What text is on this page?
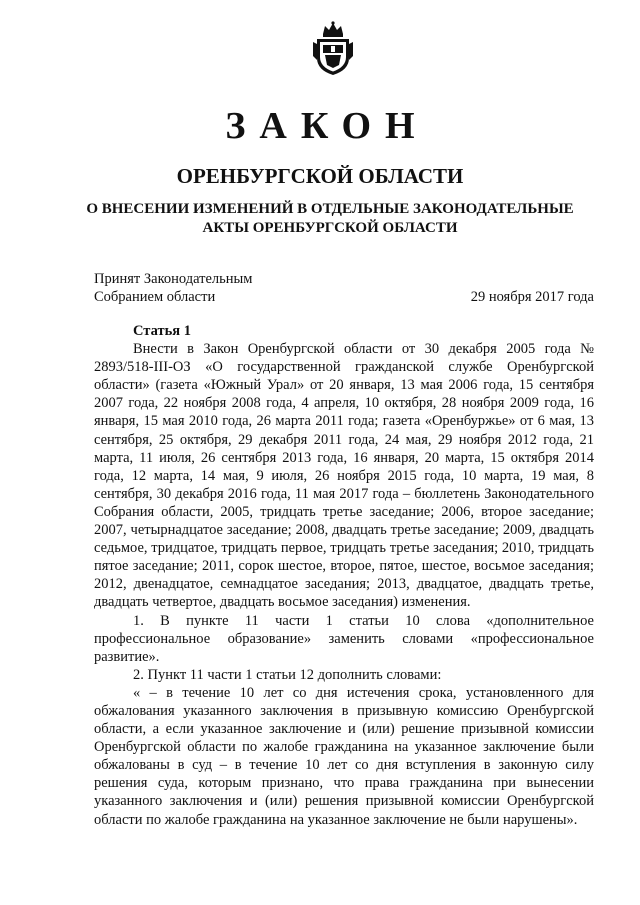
ЗАКОН
ОРЕНБУРГСКОЙ ОБЛАСТИ
О ВНЕСЕНИИ ИЗМЕНЕНИЙ В ОТДЕЛЬНЫЕ ЗАКОНОДАТЕЛЬНЫЕ
АКТЫ ОРЕНБУРГСКОЙ ОБЛАСТИ
Принят Законодательным
Собранием области	29 ноября 2017 года

Статья 1

Внести в Закон Оренбургской области от 30 декабря 2005 года № 2893/518-III-ОЗ «О государственной гражданской службе Оренбургской области» (газета «Южный Урал» от 20 января, 13 мая 2006 года, 15 сентября 2007 года, 22 ноября 2008 года, 4 апреля, 10 октября, 28 ноября 2009 года, 16 января, 15 мая 2010 года, 26 марта 2011 года; газета «Оренбуржье» от 6 мая, 13 сентября, 25 октября, 29 декабря 2011 года, 24 мая, 29 ноября 2012 года, 21 марта, 11 июля, 26 сентября 2013 года, 16 января, 20 марта, 15 октября 2014 года, 12 марта, 14 мая, 9 июля, 26 ноября 2015 года, 10 марта, 19 мая, 8 сентября, 30 декабря 2016 года, 11 мая 2017 года – бюллетень Законодательного Собрания области, 2005, тридцать третье заседание; 2006, второе заседание; 2007, четырнадцатое заседание; 2008, двадцать третье заседание; 2009, двадцать седьмое, тридцатое, тридцать первое, тридцать третье заседания; 2010, тридцать пятое заседание; 2011, сорок шестое, второе, пятое, шестое, восьмое заседания; 2012, двенадцатое, семнадцатое заседания; 2013, двадцатое, двадцать третье, двадцать четвертое, двадцать восьмое заседания) изменения.

1. В пункте 11 части 1 статьи 10 слова «дополнительное профессиональное образование» заменить словами «профессиональное развитие».

2. Пункт 11 части 1 статьи 12 дополнить словами:

« – в течение 10 лет со дня истечения срока, установленного для обжалования указанного заключения в призывную комиссию Оренбургской области, а если указанное заключение и (или) решение призывной комиссии Оренбургской области по жалобе гражданина на указанное заключение были обжалованы в суд – в течение 10 лет со дня вступления в законную силу решения суда, которым признано, что права гражданина при вынесении указанного заключения и (или) решения призывной комиссии Оренбургской области по жалобе гражданина на указанное заключение не были нарушены».
